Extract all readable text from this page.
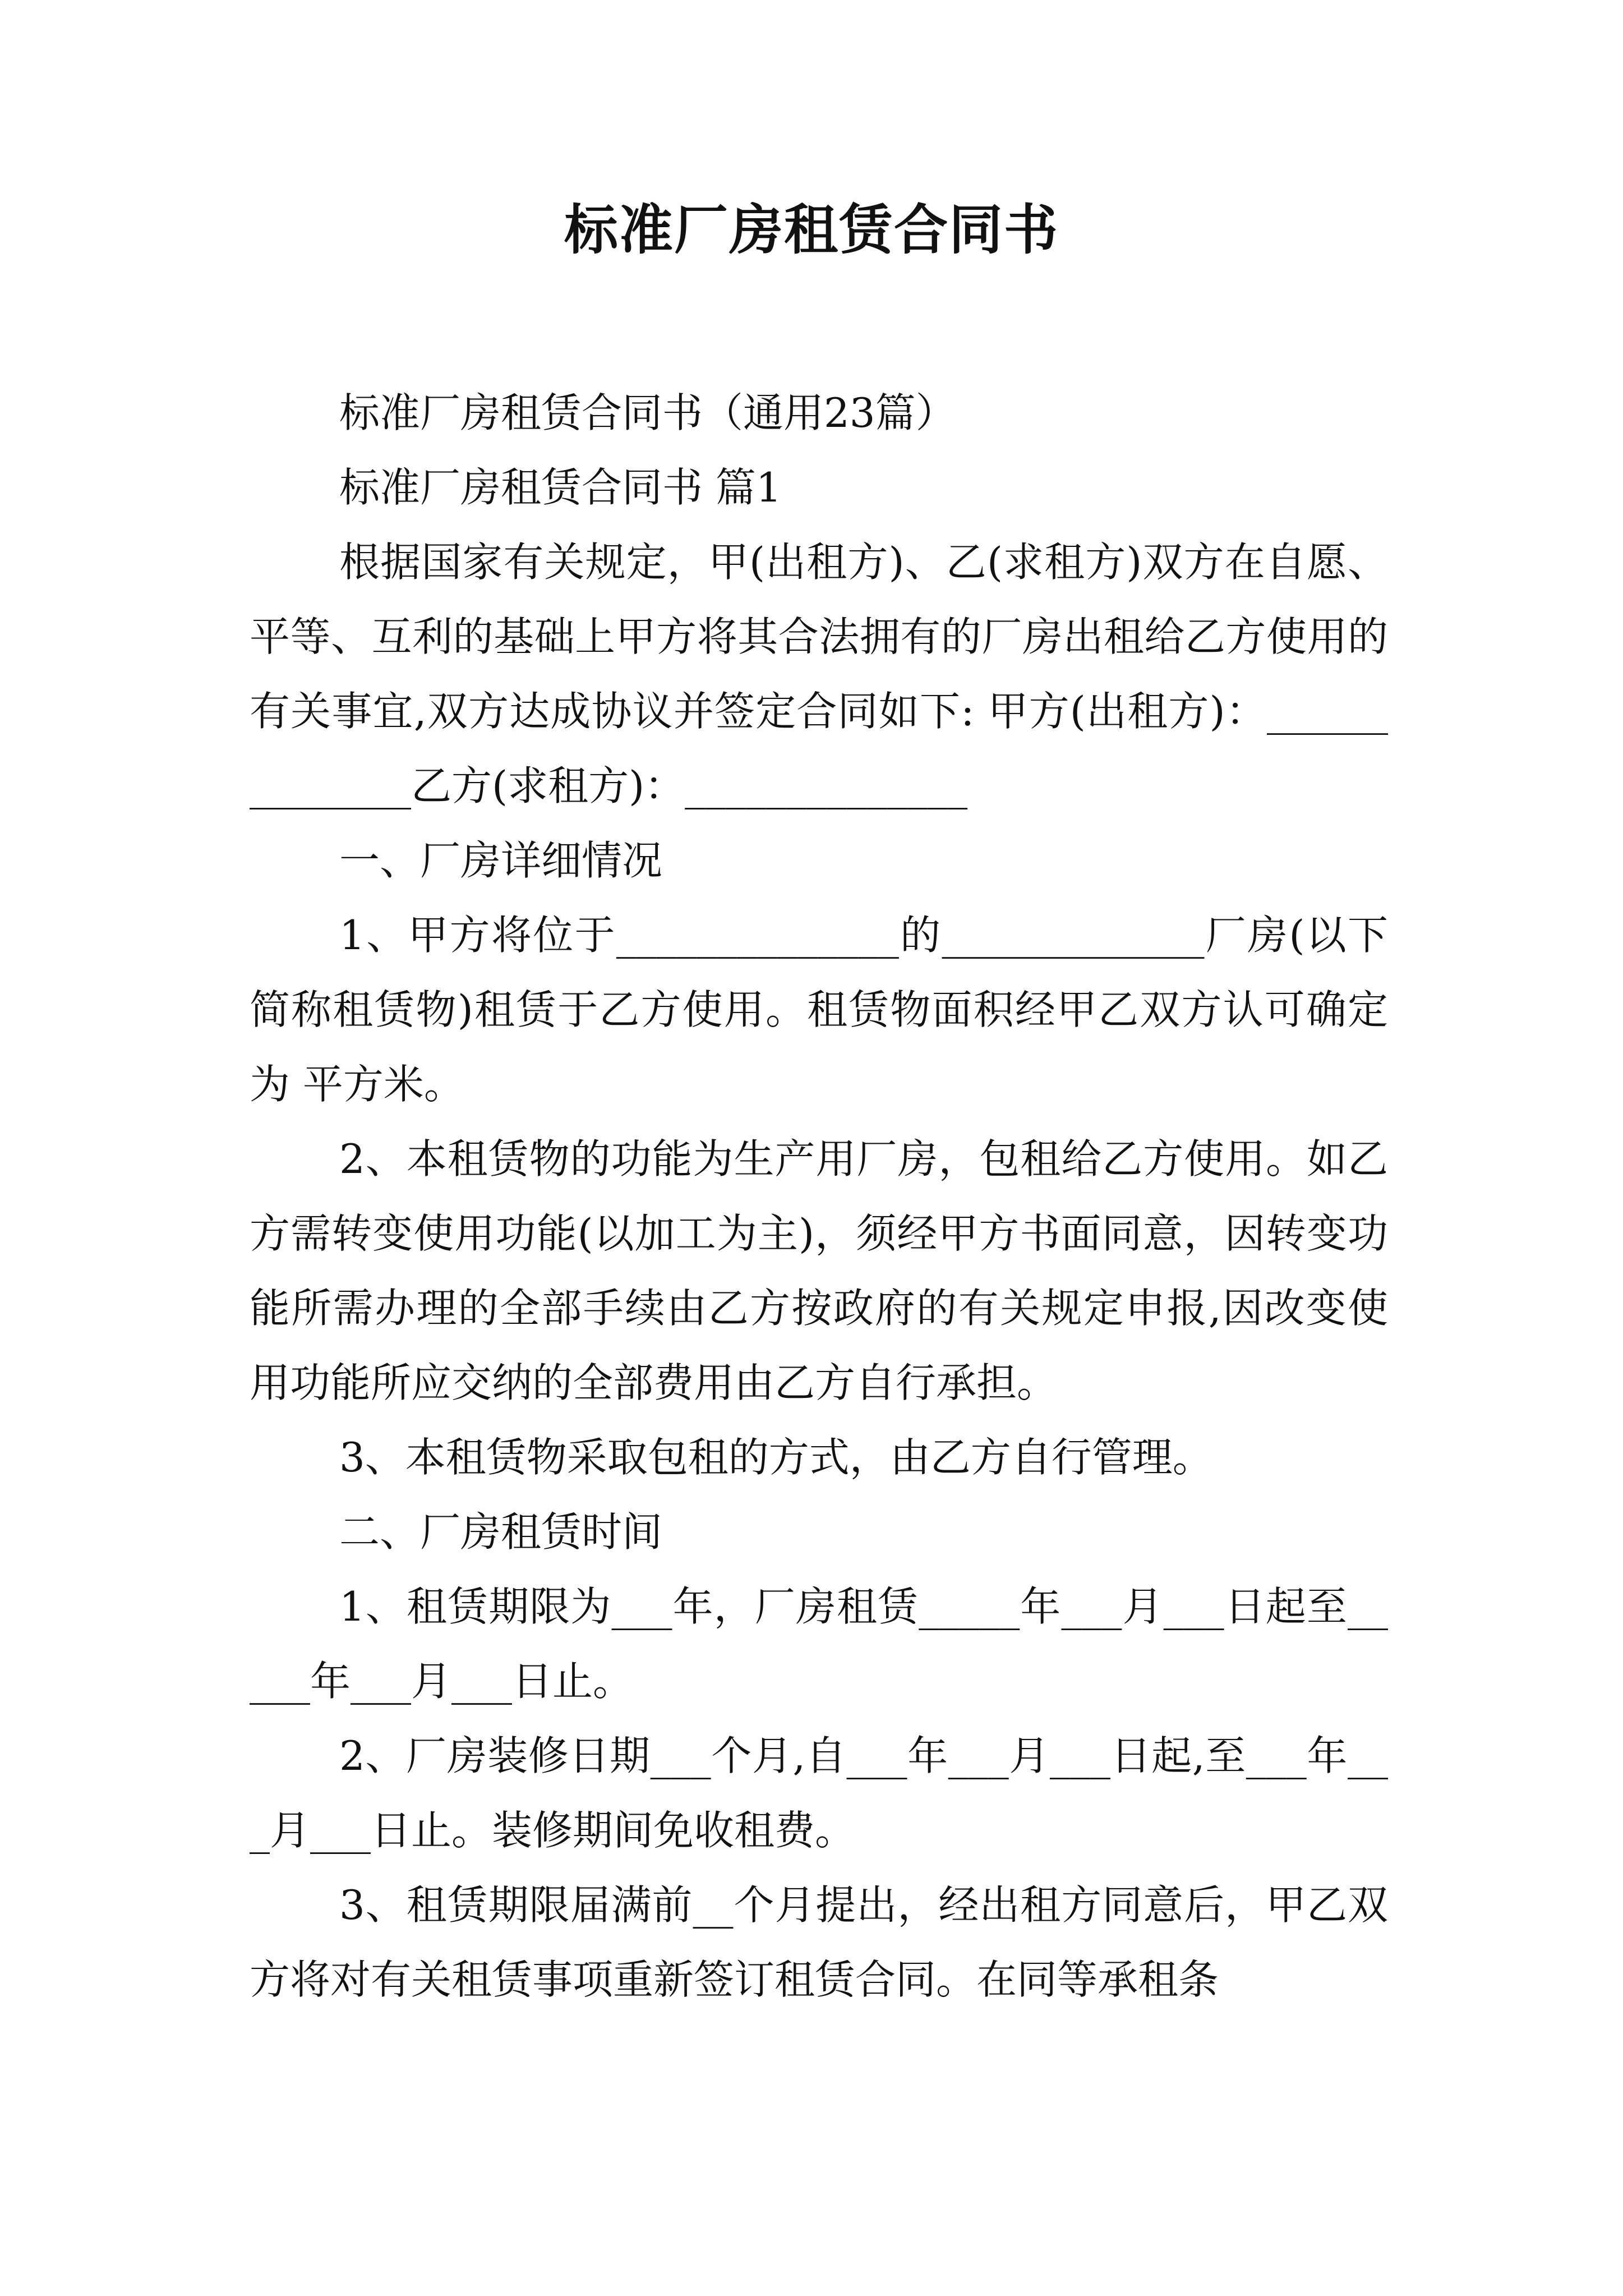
标准厂房租赁合同书

标准厂房租赁合同书（通用23篇）

标准厂房租赁合同书 篇1

根据国家有关规定，甲(出租方)、乙(求租方)双方在自愿、平等、互利的基础上甲方将其合法拥有的厂房出租给乙方使用的有关事宜,双方达成协议并签定合同如下: 甲方(出租方)：______________乙方(求租方)：______________

一、厂房详细情况

1、甲方将位于______________的_____________厂房(以下简称租赁物)租赁于乙方使用。租赁物面积经甲乙双方认可确定为 平方米。

2、本租赁物的功能为生产用厂房，包租给乙方使用。如乙方需转变使用功能(以加工为主)，须经甲方书面同意，因转变功能所需办理的全部手续由乙方按政府的有关规定申报,因改变使用功能所应交纳的全部费用由乙方自行承担。

3、本租赁物采取包租的方式，由乙方自行管理。

二、厂房租赁时间

1、租赁期限为___年，厂房租赁_____年___月___日起至_____年___月___日止。

2、厂房装修日期___个月,自___年___月___日起,至___年___月___日止。装修期间免收租费。

3、租赁期限届满前__个月提出，经出租方同意后，甲乙双方将对有关租赁事项重新签订租赁合同。在同等承租条
